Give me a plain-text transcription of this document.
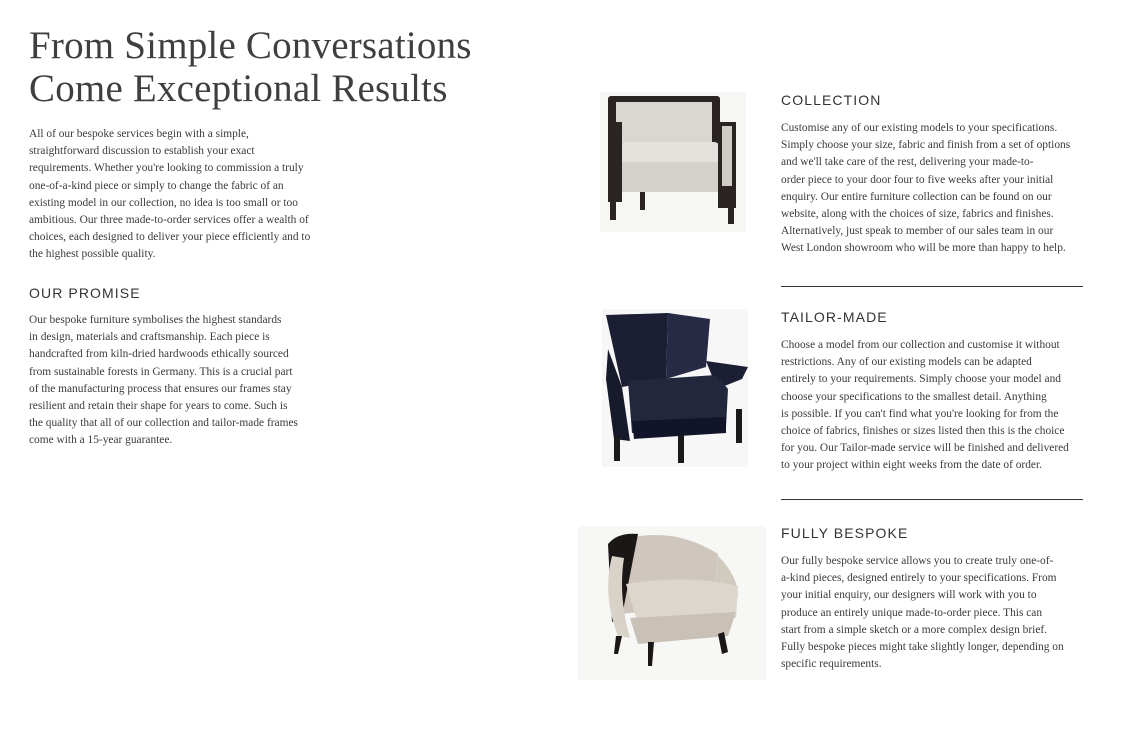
From Simple Conversations
Come Exceptional Results

All of our bespoke services begin with a simple,
straightforward discussion to establish your exact
requirements. Whether you're looking to commission a truly
one-of-a-kind piece or simply to change the fabric of an
existing model in our collection, no idea is too small or too
ambitious. Our three made-to-order services offer a wealth of
choices, each designed to deliver your piece efficiently and to
the highest possible quality.

OUR PROMISE

Our bespoke furniture symbolises the highest standards
in design, materials and craftsmanship. Each piece is
handcrafted from kiln-dried hardwoods ethically sourced
from sustainable forests in Germany. This is a crucial part
of the manufacturing process that ensures our frames stay
resilient and retain their shape for years to come. Such is
the quality that all of our collection and tailor-made frames
come with a 15-year guarantee.

COLLECTION

Customise any of our existing models to your specifications.
Simply choose your size, fabric and finish from a set of options
and we'll take care of the rest, delivering your made-to-
order piece to your door four to five weeks after your initial
enquiry. Our entire furniture collection can be found on our
website, along with the choices of size, fabrics and finishes.
Alternatively, just speak to member of our sales team in our
West London showroom who will be more than happy to help.

TAILOR-MADE

Choose a model from our collection and customise it without
restrictions. Any of our existing models can be adapted
entirely to your requirements. Simply choose your model and
choose your specifications to the smallest detail. Anything
is possible. If you can't find what you're looking for from the
choice of fabrics, finishes or sizes listed then this is the choice
for you. Our Tailor-made service will be finished and delivered
to your project within eight weeks from the date of order.

FULLY BESPOKE

Our fully bespoke service allows you to create truly one-of-
a-kind pieces, designed entirely to your specifications. From
your initial enquiry, our designers will work with you to
produce an entirely unique made-to-order piece. This can
start from a simple sketch or a more complex design brief.
Fully bespoke pieces might take slightly longer, depending on
specific requirements.
